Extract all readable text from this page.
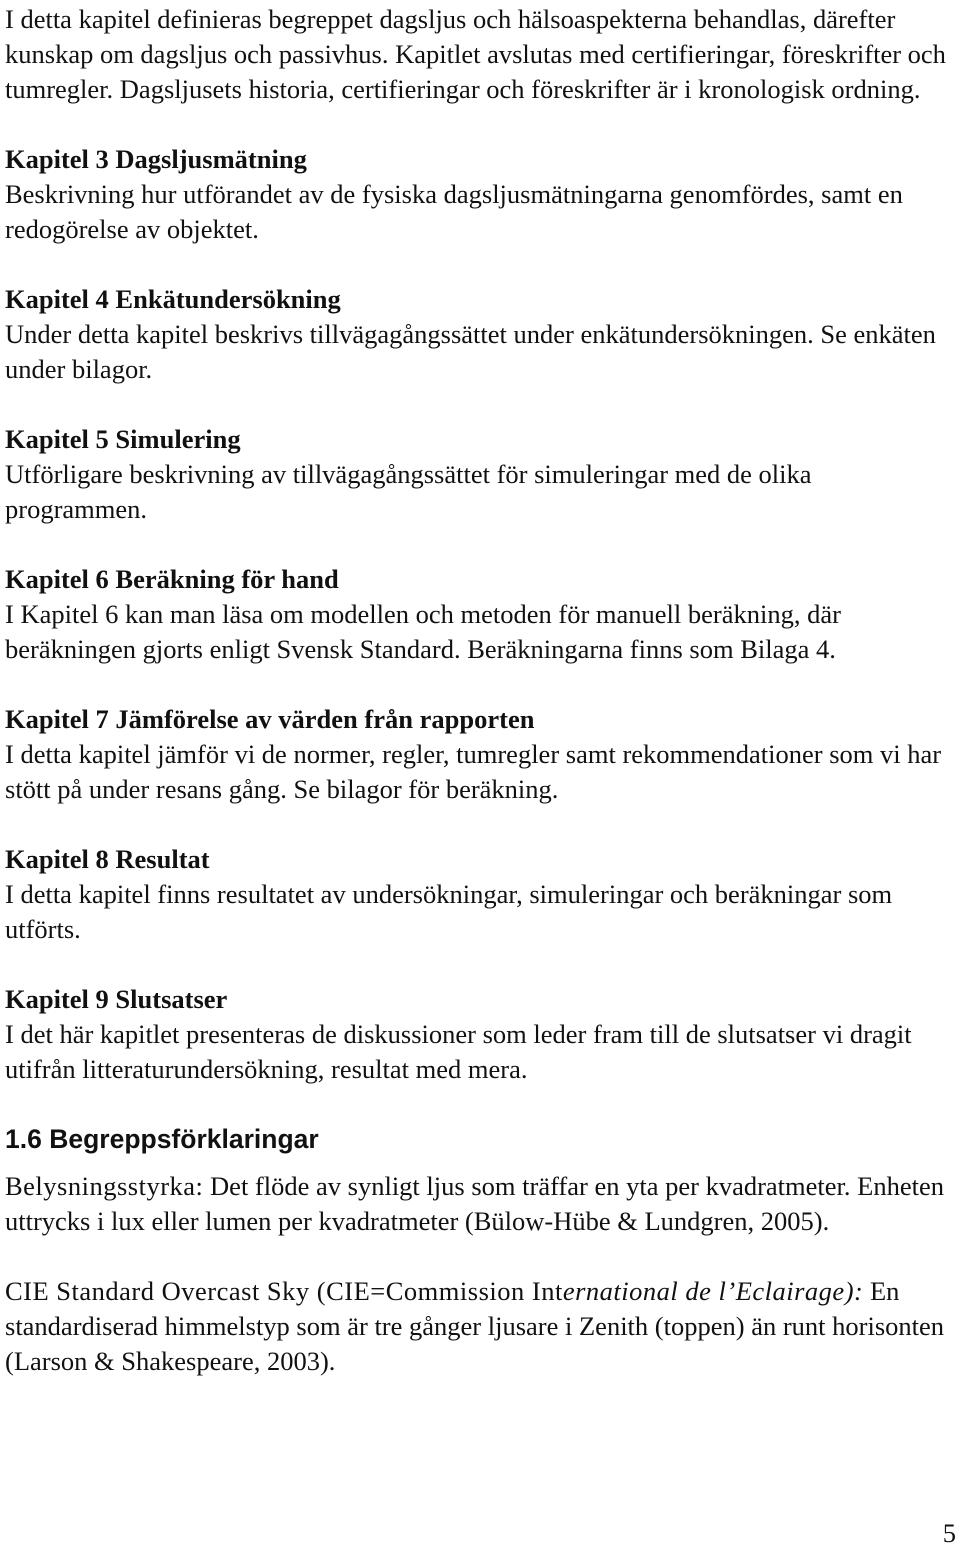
I detta kapitel definieras begreppet dagsljus och hälsoaspekterna behandlas, därefter kunskap om dagsljus och passivhus. Kapitlet avslutas med certifieringar, föreskrifter och tumregler. Dagsljusets historia, certifieringar och föreskrifter är i kronologisk ordning.

Kapitel 3 Dagsljusmätning
Beskrivning hur utförandet av de fysiska dagsljusmätningarna genomfördes, samt en redogörelse av objektet.

Kapitel 4 Enkätundersökning
Under detta kapitel beskrivs tillvägagångssättet under enkätundersökningen. Se enkäten under bilagor.

Kapitel 5 Simulering
Utförligare beskrivning av tillvägagångssättet för simuleringar med de olika programmen.

Kapitel 6 Beräkning för hand
I Kapitel 6 kan man läsa om modellen och metoden för manuell beräkning, där beräkningen gjorts enligt Svensk Standard. Beräkningarna finns som Bilaga 4.

Kapitel 7 Jämförelse av värden från rapporten
I detta kapitel jämför vi de normer, regler, tumregler samt rekommendationer som vi har stött på under resans gång. Se bilagor för beräkning.

Kapitel 8 Resultat
I detta kapitel finns resultatet av undersökningar, simuleringar och beräkningar som utförts.

Kapitel 9 Slutsatser
I det här kapitlet presenteras de diskussioner som leder fram till de slutsatser vi dragit utifrån litteraturundersökning, resultat med mera.

1.6 Begreppsförklaringar

Belysningsstyrka: Det flöde av synligt ljus som träffar en yta per kvadratmeter. Enheten uttrycks i lux eller lumen per kvadratmeter (Bülow-Hübe & Lundgren, 2005).

CIE Standard Overcast Sky (CIE=Commission International de l’Eclairage): En standardiserad himmelstyp som är tre gånger ljusare i Zenith (toppen) än runt horisonten (Larson & Shakespeare, 2003).

5
